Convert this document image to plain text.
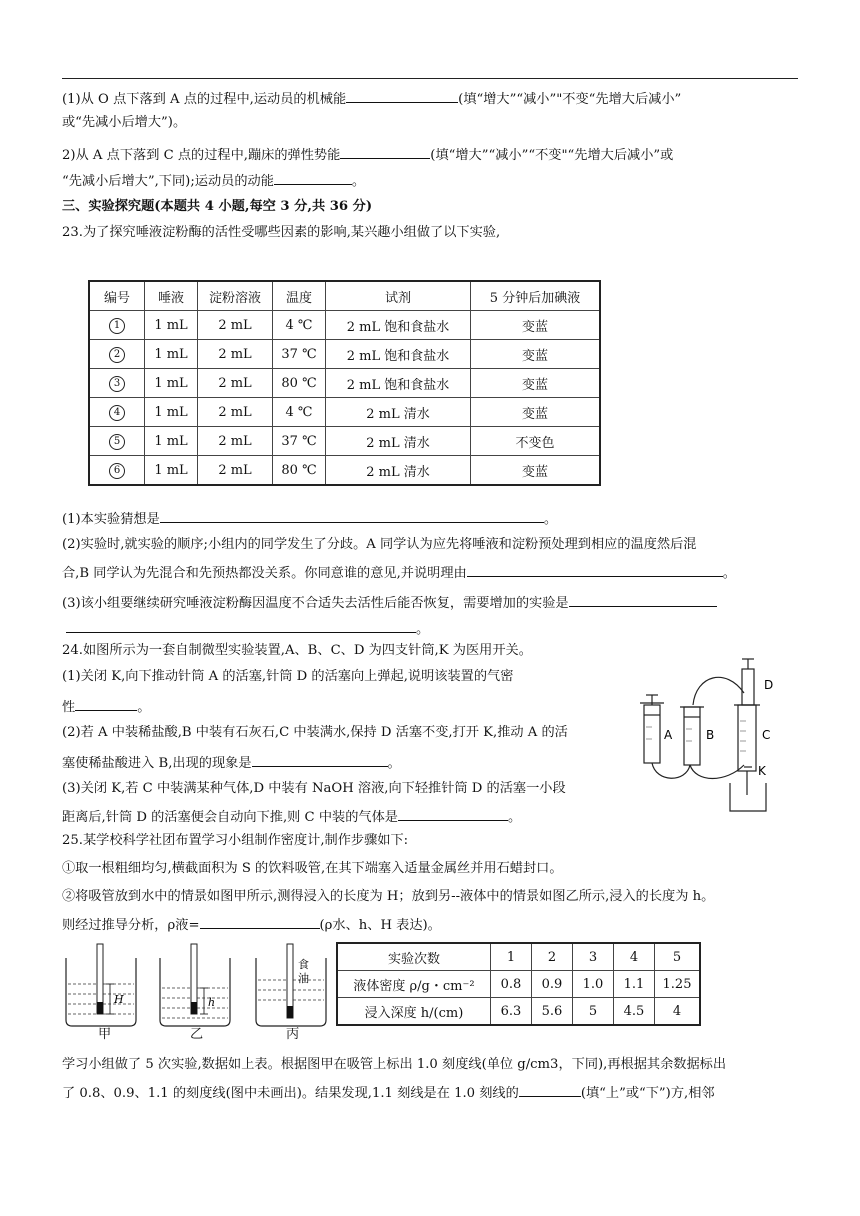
(1)从 O 点下落到 A 点的过程中,运动员的机械能	(填“增大”“减小”"不变“先增大后减小”
或“先减小后增大”)。
2)从 A 点下落到 C 点的过程中,蹦床的弹性势能	(填“增大”“减小”“不变"“先增大后减小”或
“先减小后增大”,下同);运动员的动能	。
三、实验探究题(本题共 4 小题,每空 3 分,共 36 分)
23.为了探究唾液淀粉酶的活性受哪些因素的影响,某兴趣小组做了以下实验,
编号	唾液	淀粉溶液	温度	试剂	5 分钟后加碘液
1	1 mL	2 mL	4 ℃	2 mL 饱和食盐水	变蓝
2	1 mL	2 mL	37 ℃	2 mL 饱和食盐水	变蓝
3	1 mL	2 mL	80 ℃	2 mL 饱和食盐水	变蓝
4	1 mL	2 mL	4 ℃	2 mL 清水	变蓝
5	1 mL	2 mL	37 ℃	2 mL 清水	不变色
6	1 mL	2 mL	80 ℃	2 mL 清水	变蓝
(1)本实验猜想是	。
(2)实验时,就实验的顺序;小组内的同学发生了分歧。A 同学认为应先将唾液和淀粉预处理到相应的温度然后混
合,B 同学认为先混合和先预热都没关系。你同意谁的意见,并说明理由	。
(3)该小组要继续研究唾液淀粉酶因温度不合适失去活性后能否恢复，需要增加的实验是
。
24.如图所示为一套自制微型实验装置,A、B、C、D 为四支针筒,K 为医用开关。
(1)关闭 K,向下推动针筒 A 的活塞,针筒 D 的活塞向上弹起,说明该装置的气密
性	。
(2)若 A 中装稀盐酸,B 中装有石灰石,C 中装满水,保持 D 活塞不变,打开 K,推动 A 的活
塞使稀盐酸进入 B,出现的现象是	。
(3)关闭 K,若 C 中装满某种气体,D 中装有 NaOH 溶液,向下轻推针筒 D 的活塞一小段
距离后,针筒 D 的活塞便会自动向下推,则 C 中装的气体是	。
A	B	C
D
K
25.某学校科学社团布置学习小组制作密度计,制作步骤如下:
①取一根粗细均匀,横截面积为 S 的饮料吸管,在其下端塞入适量金属丝并用石蜡封口。
②将吸管放到水中的情景如图甲所示,测得浸入的长度为 H；放到另--液体中的情景如图乙所示,浸入的长度为 h。
则经过推导分析，ρ液=	(ρ水、h、H 表达)。
H	h
食
油
甲	乙	丙
实验次数	1	2	3	4	5
液体密度 ρ/g・cm⁻²	0.8	0.9	1.0	1.1	1.25
浸入深度 h/(cm)	6.3	5.6	5	4.5	4
学习小组做了 5 次实验,数据如上表。根据图甲在吸管上标出 1.0 刻度线(单位 g/cm3，下同),再根据其余数据标出
了 0.8、0.9、1.1 的刻度线(图中未画出)。结果发现,1.1 刻线是在 1.0 刻线的	(填“上”或“下”)方,相邻
